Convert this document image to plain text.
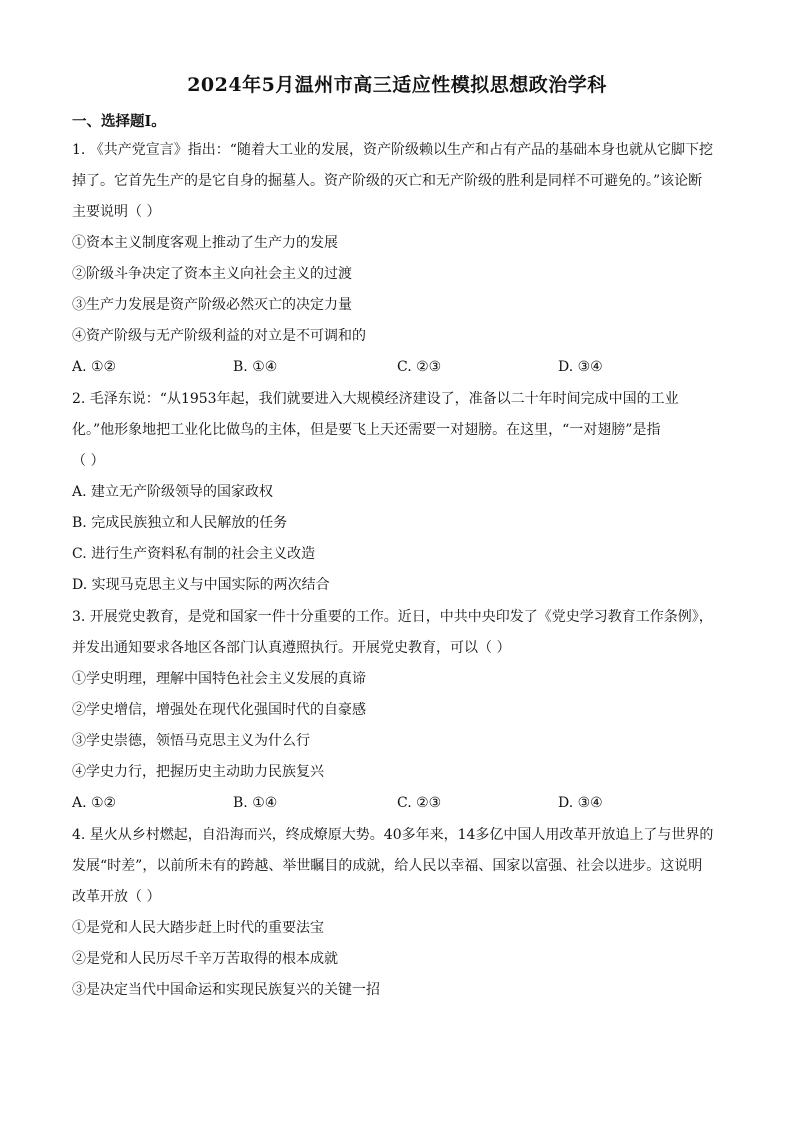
2024年5月温州市高三适应性模拟思想政治学科
一、选择题Ⅰ。
1. 《共产党宣言》指出：“随着大工业的发展，资产阶级赖以生产和占有产品的基础本身也就从它脚下挖
掉了。它首先生产的是它自身的掘墓人。资产阶级的灭亡和无产阶级的胜利是同样不可避免的。”该论断
主要说明（ ）
①资本主义制度客观上推动了生产力的发展
②阶级斗争决定了资本主义向社会主义的过渡
③生产力发展是资产阶级必然灭亡的决定力量
④资产阶级与无产阶级利益的对立是不可调和的
A. ①②	B. ①④	C. ②③	D. ③④
2. 毛泽东说：“从1953年起，我们就要进入大规模经济建设了，准备以二十年时间完成中国的工业
化。”他形象地把工业化比做鸟的主体，但是要飞上天还需要一对翅膀。在这里，“一对翅膀”是指
（ ）
A. 建立无产阶级领导的国家政权
B. 完成民族独立和人民解放的任务
C. 进行生产资料私有制的社会主义改造
D. 实现马克思主义与中国实际的两次结合
3. 开展党史教育，是党和国家一件十分重要的工作。近日，中共中央印发了《党史学习教育工作条例》，
并发出通知要求各地区各部门认真遵照执行。开展党史教育，可以（ ）
①学史明理，理解中国特色社会主义发展的真谛
②学史增信，增强处在现代化强国时代的自豪感
③学史崇德，领悟马克思主义为什么行
④学史力行，把握历史主动助力民族复兴
A. ①②	B. ①④	C. ②③	D. ③④
4. 星火从乡村燃起，自沿海而兴，终成燎原大势。40多年来，14多亿中国人用改革开放追上了与世界的
发展“时差”，以前所未有的跨越、举世瞩目的成就，给人民以幸福、国家以富强、社会以进步。这说明
改革开放（ ）
①是党和人民大踏步赶上时代的重要法宝
②是党和人民历尽千辛万苦取得的根本成就
③是决定当代中国命运和实现民族复兴的关键一招
